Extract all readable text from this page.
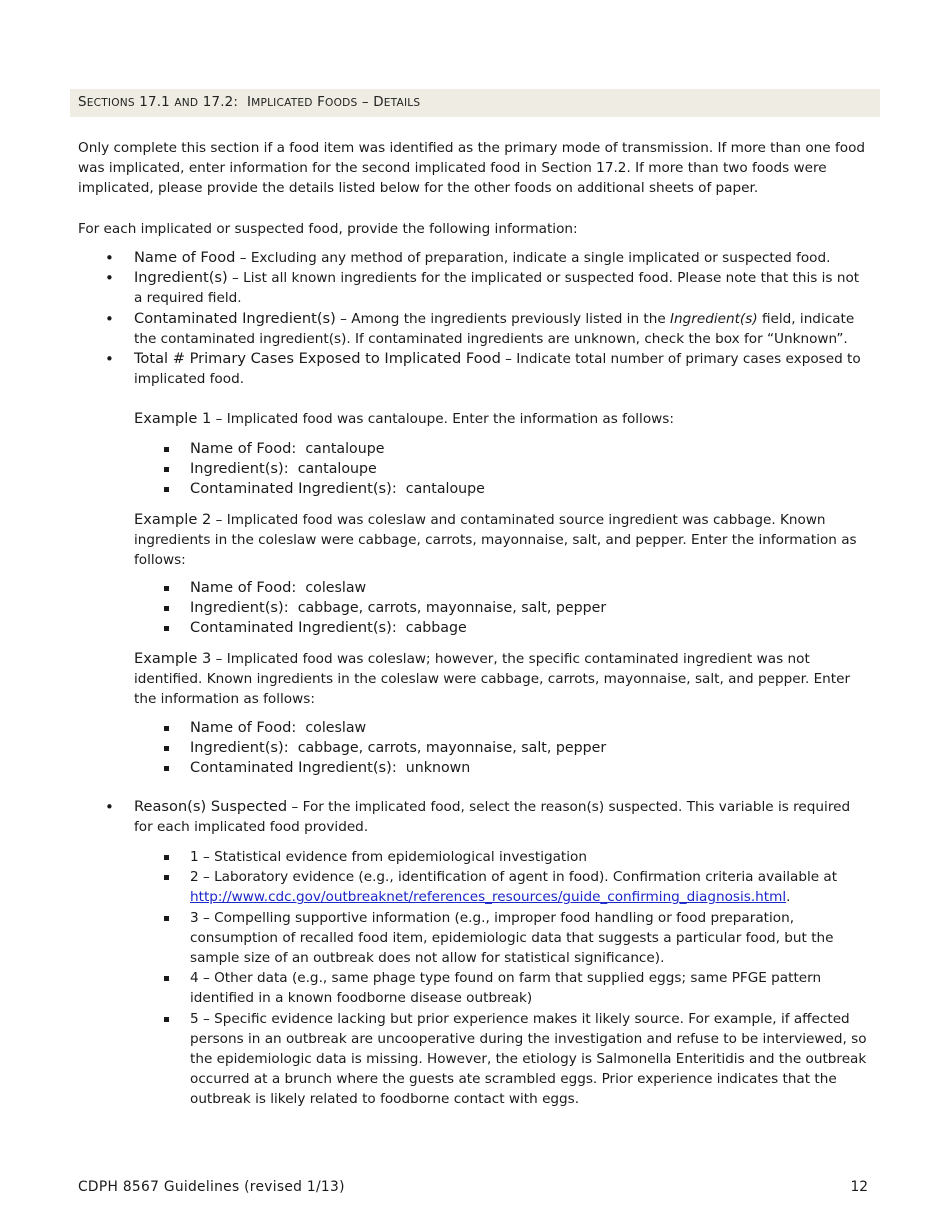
SECTIONS 17.1 AND 17.2: IMPLICATED FOODS – DETAILS

Only complete this section if a food item was identified as the primary mode of transmission. If more than one food was implicated, enter information for the second implicated food in Section 17.2. If more than two foods were implicated, please provide the details listed below for the other foods on additional sheets of paper.

For each implicated or suspected food, provide the following information:

• Name of Food – Excluding any method of preparation, indicate a single implicated or suspected food.
• Ingredient(s) – List all known ingredients for the implicated or suspected food. Please note that this is not a required field.
• Contaminated Ingredient(s) – Among the ingredients previously listed in the Ingredient(s) field, indicate the contaminated ingredient(s). If contaminated ingredients are unknown, check the box for “Unknown”.
• Total # Primary Cases Exposed to Implicated Food – Indicate total number of primary cases exposed to implicated food.

Example 1 – Implicated food was cantaloupe. Enter the information as follows:

Name of Food: cantaloupe
Ingredient(s): cantaloupe
Contaminated Ingredient(s): cantaloupe

Example 2 – Implicated food was coleslaw and contaminated source ingredient was cabbage. Known ingredients in the coleslaw were cabbage, carrots, mayonnaise, salt, and pepper. Enter the information as follows:

Name of Food: coleslaw
Ingredient(s): cabbage, carrots, mayonnaise, salt, pepper
Contaminated Ingredient(s): cabbage

Example 3 – Implicated food was coleslaw; however, the specific contaminated ingredient was not identified. Known ingredients in the coleslaw were cabbage, carrots, mayonnaise, salt, and pepper. Enter the information as follows:

Name of Food: coleslaw
Ingredient(s): cabbage, carrots, mayonnaise, salt, pepper
Contaminated Ingredient(s): unknown
• Reason(s) Suspected – For the implicated food, select the reason(s) suspected. This variable is required for each implicated food provided.
1 – Statistical evidence from epidemiological investigation
2 – Laboratory evidence (e.g., identification of agent in food). Confirmation criteria available at http://www.cdc.gov/outbreaknet/references_resources/guide_confirming_diagnosis.html.
3 – Compelling supportive information (e.g., improper food handling or food preparation, consumption of recalled food item, epidemiologic data that suggests a particular food, but the sample size of an outbreak does not allow for statistical significance).
4 – Other data (e.g., same phage type found on farm that supplied eggs; same PFGE pattern identified in a known foodborne disease outbreak)
5 – Specific evidence lacking but prior experience makes it likely source. For example, if affected persons in an outbreak are uncooperative during the investigation and refuse to be interviewed, so the epidemiologic data is missing. However, the etiology is Salmonella Enteritidis and the outbreak occurred at a brunch where the guests ate scrambled eggs. Prior experience indicates that the outbreak is likely related to foodborne contact with eggs.
CDPH 8567 Guidelines (revised 1/13)	12
